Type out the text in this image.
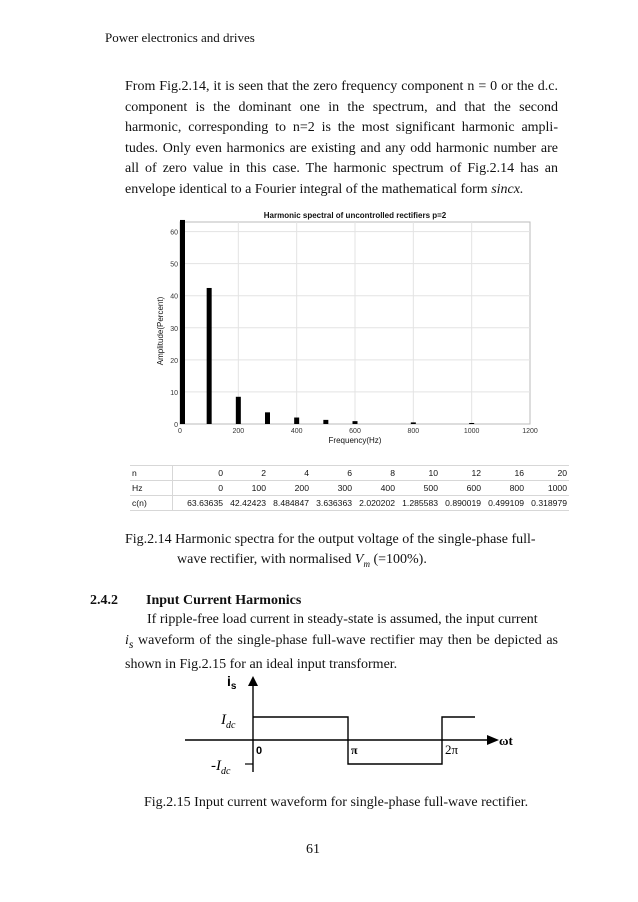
Power electronics and drives
From Fig.2.14, it is seen that the zero frequency component n = 0 or the d.c. component is the dominant one in the spectrum, and that the second harmonic, corresponding to n=2 is the most significant harmonic ampli-tudes. Only even harmonics are existing and any odd harmonic number are all of zero value in this case. The harmonic spectrum of Fig.2.14 has an envelope identical to a Fourier integral of the mathematical form sincx.
0
10
20
30
40
50
60
0	200	400	600	800	1000	1200
Harmonic spectral of uncontrolled rectifiers p=2
Frequency(Hz)
Amplitude(Percent)
n	0	2	4	6	8	10	12	16	20
Hz	0	100	200	300	400	500	600	800	1000
c(n)	63.63635	42.42423	8.484847	3.636363	2.020202	1.285583	0.890019	0.499109	0.318979
Fig.2.14 Harmonic spectra for the output voltage of the single-phase full-
wave rectifier, with normalised $V_m$ (=100%).
2.4.2 Input Current Harmonics
If ripple-free load current in steady-state is assumed, the input current
$i_s$ waveform of the single-phase full-wave rectifier may then be depicted as shown in Fig.2.15 for an ideal input transformer.
$i_s$
$I_{dc}$
$-I_{dc}$
0	π	2π
ωt
Fig.2.15 Input current waveform for single-phase full-wave rectifier.
61
